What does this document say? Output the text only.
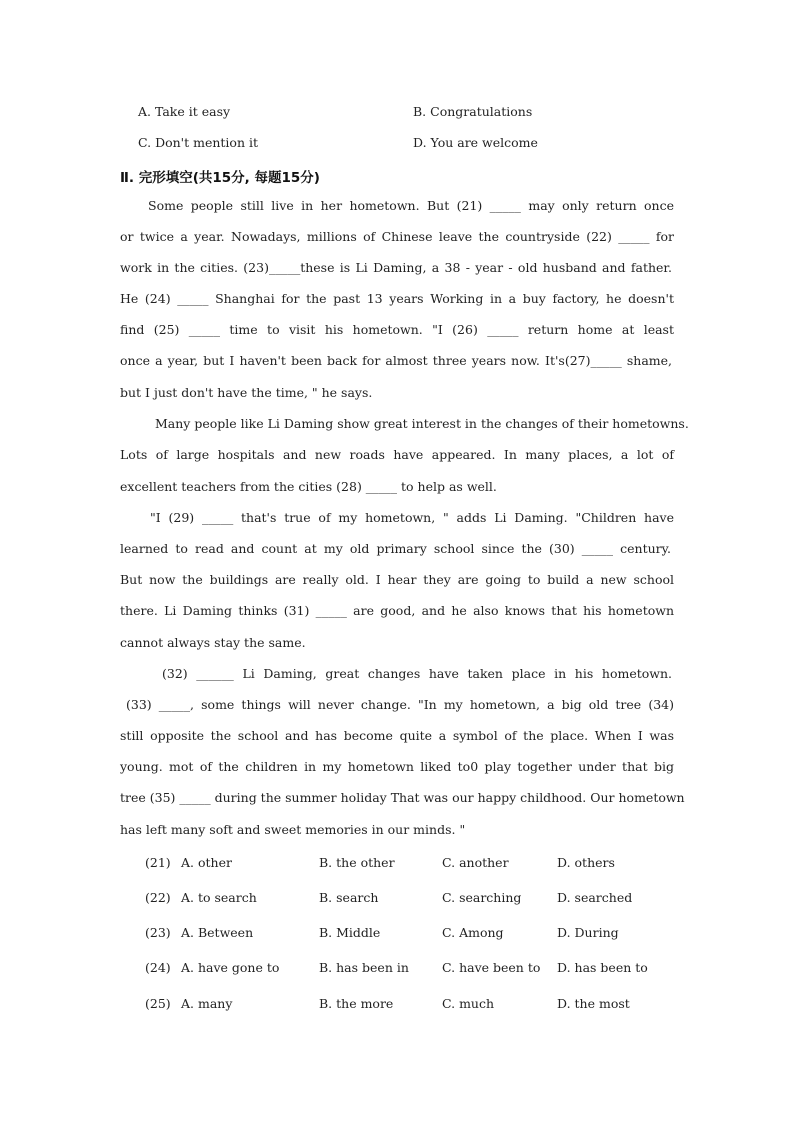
A. Take it easy	B. Congratulations
C. Don't mention it	D. You are welcome
Ⅱ. 完形填空(共15分, 每题15分)
Some people still live in her hometown. But (21) _____ may only return once
or twice a year. Nowadays, millions of Chinese leave the countryside (22) _____ for
work in the cities. (23)_____these is Li Daming, a 38 - year - old husband and father.
He (24) _____ Shanghai for the past 13 years Working in a buy factory, he doesn't
find (25) _____ time to visit his hometown. "I (26) _____ return home at least
once a year, but I haven't been back for almost three years now. It's(27)_____ shame,
but I just don't have the time, " he says.
Many people like Li Daming show great interest in the changes of their hometowns.
Lots of large hospitals and new roads have appeared. In many places, a lot of
excellent teachers from the cities (28) _____ to help as well.
"I (29) _____ that's true of my hometown, " adds Li Daming. "Children have
learned to read and count at my old primary school since the (30) _____ century.
But now the buildings are really old. I hear they are going to build a new school
there. Li Daming thinks (31) _____ are good, and he also knows that his hometown
cannot always stay the same.
(32) ______ Li Daming, great changes have taken place in his hometown.
(33) _____, some things will never change. "In my hometown, a big old tree (34)
still opposite the school and has become quite a symbol of the place. When I was
young. mot of the children in my hometown liked to0 play together under that big
tree (35) _____ during the summer holiday That was our happy childhood. Our hometown
has left many soft and sweet memories in our minds. "
(21) A. other	B. the other	C. another	D. others
(22) A. to search	B. search	C. searching	D. searched
(23) A. Between	B. Middle	C. Among	D. During
(24) A. have gone to	B. has been in	C. have been to D. has been to
(25) A. many	B. the more	C. much	D. the most
